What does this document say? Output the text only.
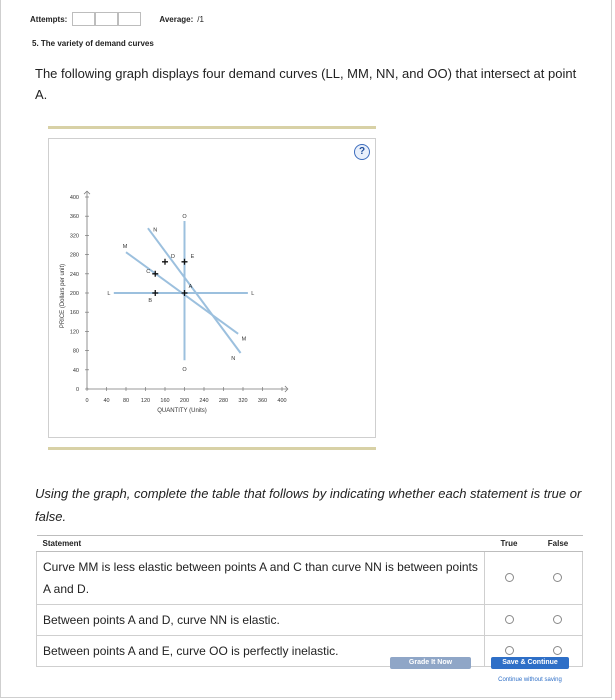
Attempts:	Average: /1
5. The variety of demand curves
The following graph displays four demand curves (LL, MM, NN, and OO) that intersect at point A.
?
0
40
80
120
160
200
240
280
320
360
400
0	40 80 120 160 200 240 280 320 360 400
L	L
M
M
N
N
O
O
A
B
C
D	E
PRICE (Dollars per unit)
QUANTITY (Units)
Using the graph, complete the table that follows by indicating whether each statement is true or false.
Statement	True	False
Curve MM is less elastic between points A and C than curve NN is between points A and D.		
Between points A and D, curve NN is elastic.		
Between points A and E, curve OO is perfectly inelastic.		
Grade It Now	Save & Continue
Continue without saving
